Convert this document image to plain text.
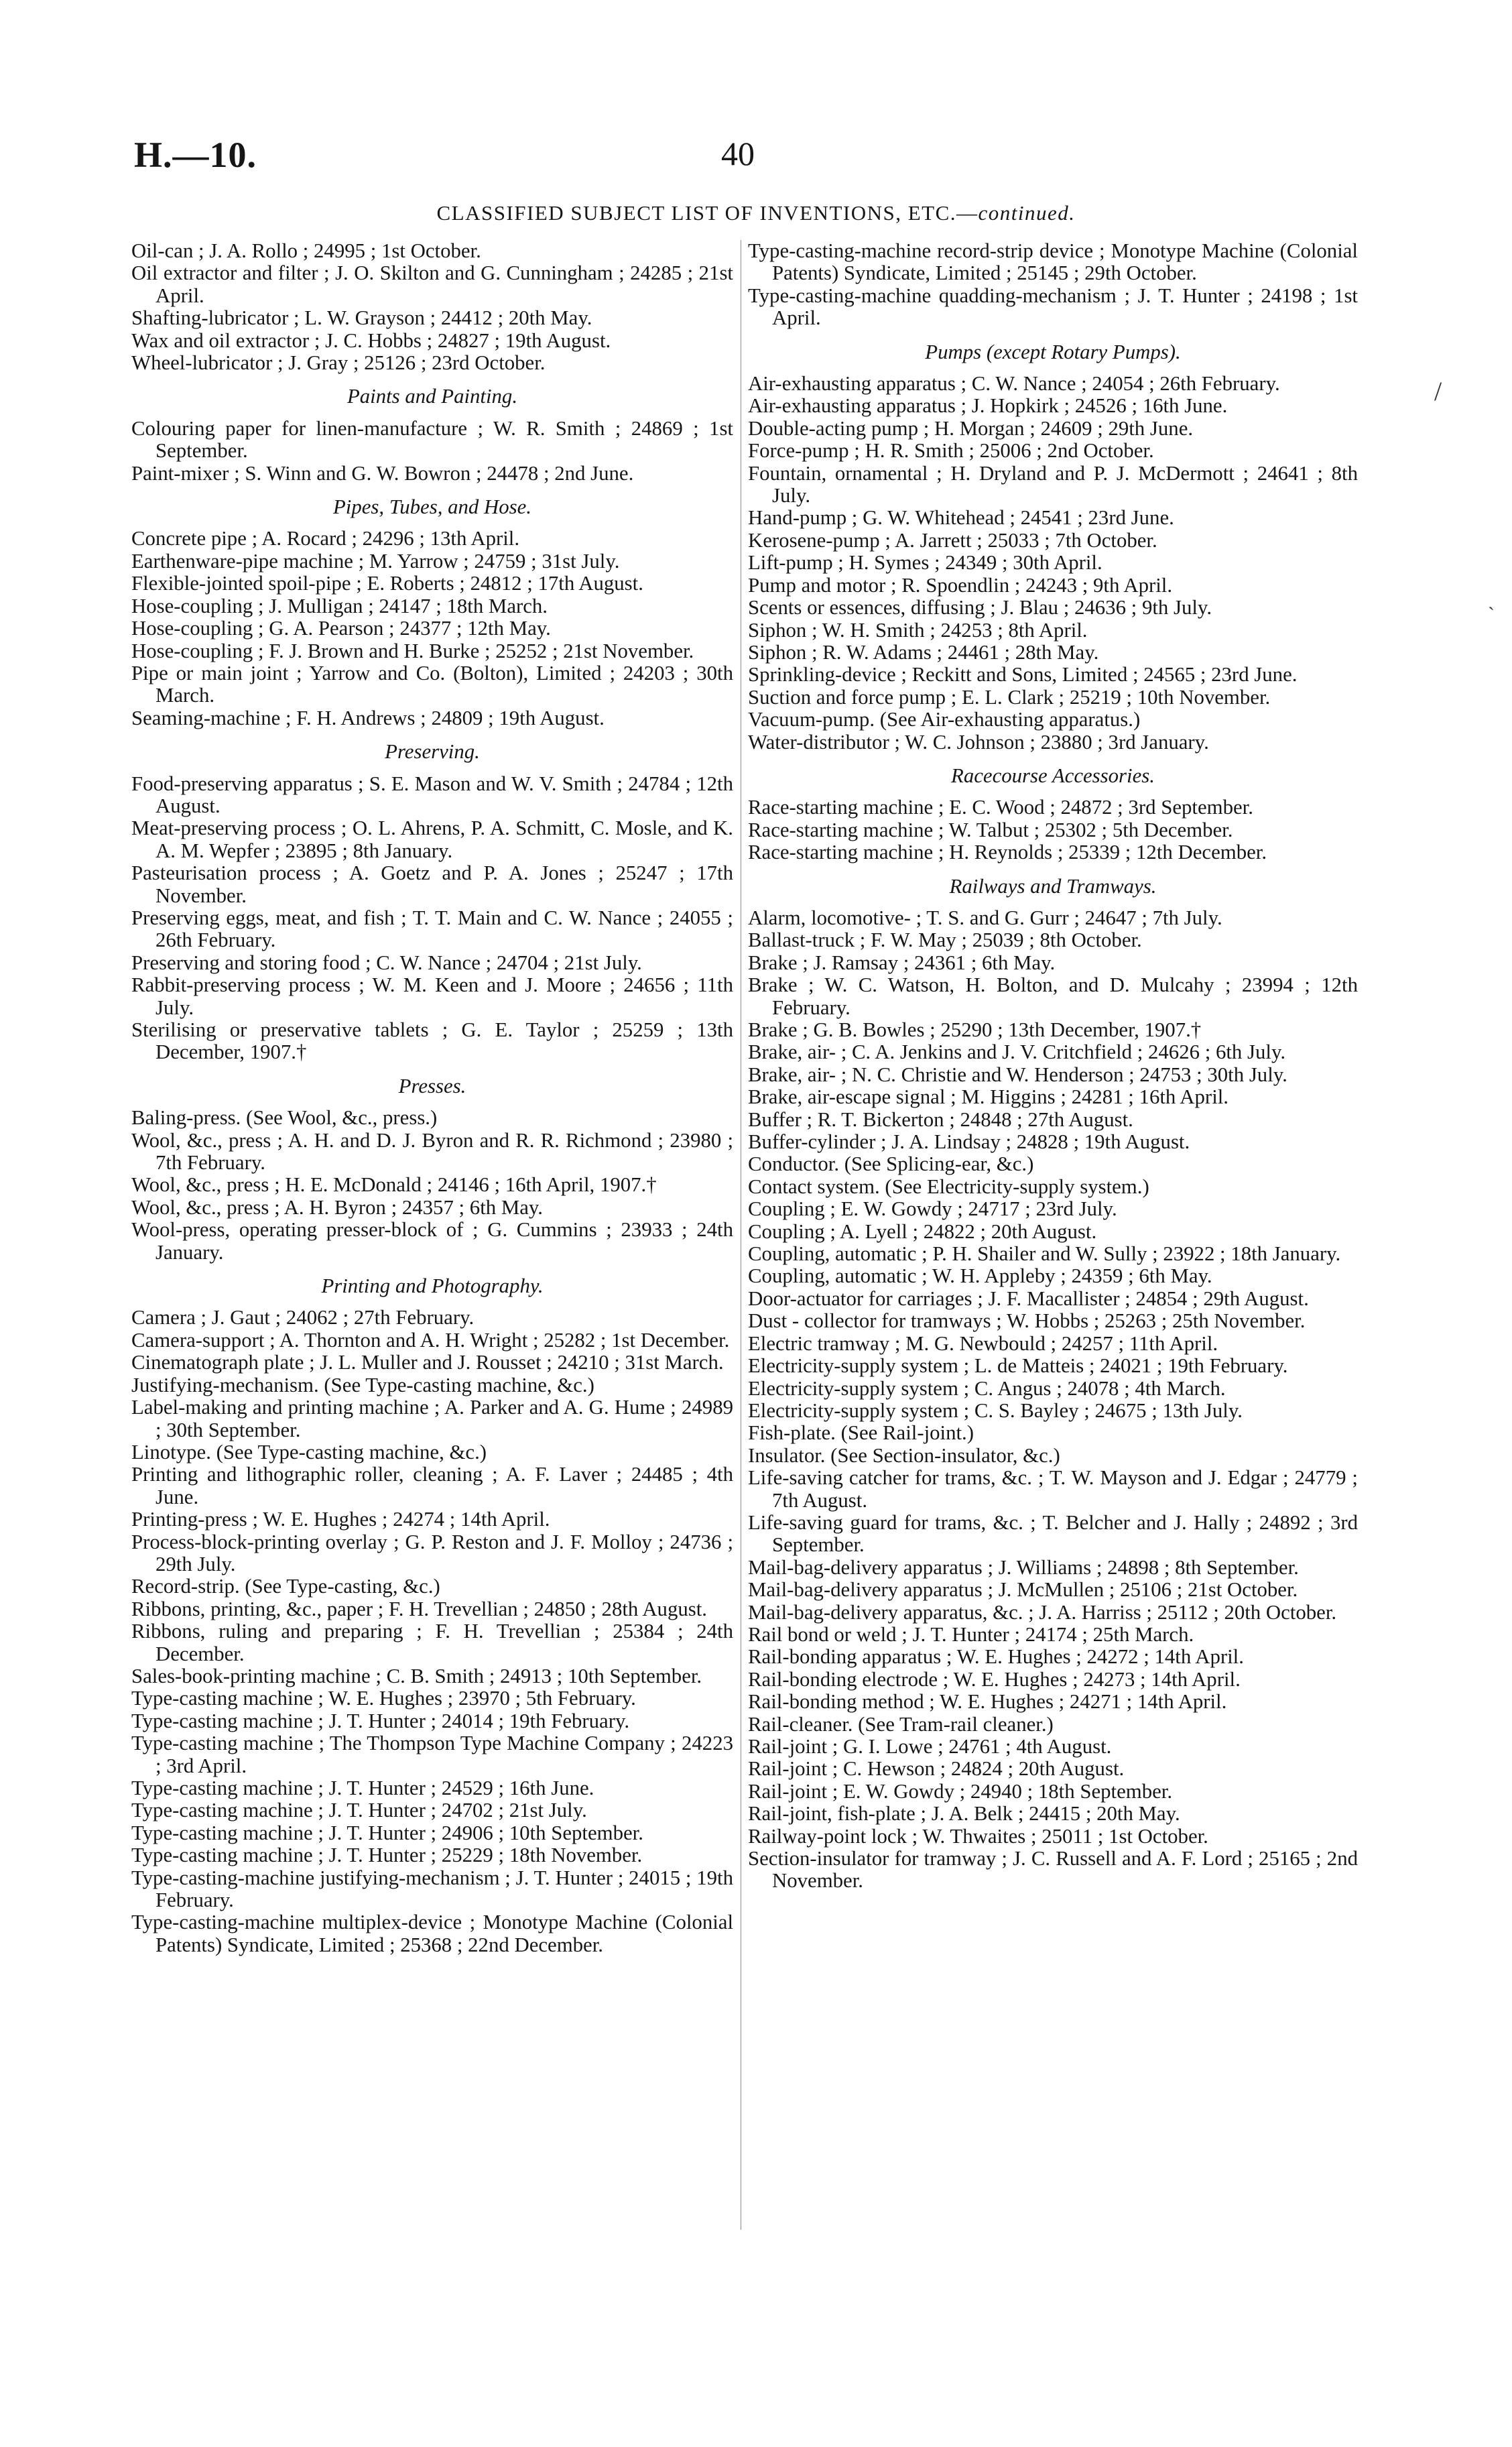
H.—10.	40
CLASSIFIED SUBJECT LIST OF INVENTIONS, ETC.—continued.

Oil-can ; J. A. Rollo ; 24995 ; 1st October.

Oil extractor and filter ; J. O. Skilton and G. Cunningham ; 24285 ; 21st April.

Shafting-lubricator ; L. W. Grayson ; 24412 ; 20th May.

Wax and oil extractor ; J. C. Hobbs ; 24827 ; 19th August.

Wheel-lubricator ; J. Gray ; 25126 ; 23rd October.

Paints and Painting.

Colouring paper for linen-manufacture ; W. R. Smith ; 24869 ; 1st September.

Paint-mixer ; S. Winn and G. W. Bowron ; 24478 ; 2nd June.

Pipes, Tubes, and Hose.

Concrete pipe ; A. Rocard ; 24296 ; 13th April.

Earthenware-pipe machine ; M. Yarrow ; 24759 ; 31st July.

Flexible-jointed spoil-pipe ; E. Roberts ; 24812 ; 17th August.

Hose-coupling ; J. Mulligan ; 24147 ; 18th March.

Hose-coupling ; G. A. Pearson ; 24377 ; 12th May.

Hose-coupling ; F. J. Brown and H. Burke ; 25252 ; 21st November.

Pipe or main joint ; Yarrow and Co. (Bolton), Limited ; 24203 ; 30th March.

Seaming-machine ; F. H. Andrews ; 24809 ; 19th August.

Preserving.

Food-preserving apparatus ; S. E. Mason and W. V. Smith ; 24784 ; 12th August.

Meat-preserving process ; O. L. Ahrens, P. A. Schmitt, C. Mosle, and K. A. M. Wepfer ; 23895 ; 8th January.

Pasteurisation process ; A. Goetz and P. A. Jones ; 25247 ; 17th November.

Preserving eggs, meat, and fish ; T. T. Main and C. W. Nance ; 24055 ; 26th February.

Preserving and storing food ; C. W. Nance ; 24704 ; 21st July.

Rabbit-preserving process ; W. M. Keen and J. Moore ; 24656 ; 11th July.

Sterilising or preservative tablets ; G. E. Taylor ; 25259 ; 13th December, 1907.†

Presses.

Baling-press. (See Wool, &c., press.)

Wool, &c., press ; A. H. and D. J. Byron and R. R. Richmond ; 23980 ; 7th February.

Wool, &c., press ; H. E. McDonald ; 24146 ; 16th April, 1907.†

Wool, &c., press ; A. H. Byron ; 24357 ; 6th May.

Wool-press, operating presser-block of ; G. Cummins ; 23933 ; 24th January.

Printing and Photography.

Camera ; J. Gaut ; 24062 ; 27th February.

Camera-support ; A. Thornton and A. H. Wright ; 25282 ; 1st December.

Cinematograph plate ; J. L. Muller and J. Rousset ; 24210 ; 31st March.

Justifying-mechanism. (See Type-casting machine, &c.)

Label-making and printing machine ; A. Parker and A. G. Hume ; 24989 ; 30th September.

Linotype. (See Type-casting machine, &c.)

Printing and lithographic roller, cleaning ; A. F. Laver ; 24485 ; 4th June.

Printing-press ; W. E. Hughes ; 24274 ; 14th April.

Process-block-printing overlay ; G. P. Reston and J. F. Molloy ; 24736 ; 29th July.

Record-strip. (See Type-casting, &c.)

Ribbons, printing, &c., paper ; F. H. Trevellian ; 24850 ; 28th August.

Ribbons, ruling and preparing ; F. H. Trevellian ; 25384 ; 24th December.

Sales-book-printing machine ; C. B. Smith ; 24913 ; 10th September.

Type-casting machine ; W. E. Hughes ; 23970 ; 5th February.

Type-casting machine ; J. T. Hunter ; 24014 ; 19th February.

Type-casting machine ; The Thompson Type Machine Company ; 24223 ; 3rd April.

Type-casting machine ; J. T. Hunter ; 24529 ; 16th June.

Type-casting machine ; J. T. Hunter ; 24702 ; 21st July.

Type-casting machine ; J. T. Hunter ; 24906 ; 10th September.

Type-casting machine ; J. T. Hunter ; 25229 ; 18th November.

Type-casting-machine justifying-mechanism ; J. T. Hunter ; 24015 ; 19th February.

Type-casting-machine multiplex-device ; Monotype Machine (Colonial Patents) Syndicate, Limited ; 25368 ; 22nd December.

Type-casting-machine record-strip device ; Monotype Machine (Colonial Patents) Syndicate, Limited ; 25145 ; 29th October.

Type-casting-machine quadding-mechanism ; J. T. Hunter ; 24198 ; 1st April.

Pumps (except Rotary Pumps).

Air-exhausting apparatus ; C. W. Nance ; 24054 ; 26th February.

Air-exhausting apparatus ; J. Hopkirk ; 24526 ; 16th June.

Double-acting pump ; H. Morgan ; 24609 ; 29th June.

Force-pump ; H. R. Smith ; 25006 ; 2nd October.

Fountain, ornamental ; H. Dryland and P. J. McDermott ; 24641 ; 8th July.

Hand-pump ; G. W. Whitehead ; 24541 ; 23rd June.

Kerosene-pump ; A. Jarrett ; 25033 ; 7th October.

Lift-pump ; H. Symes ; 24349 ; 30th April.

Pump and motor ; R. Spoendlin ; 24243 ; 9th April.

Scents or essences, diffusing ; J. Blau ; 24636 ; 9th July.

Siphon ; W. H. Smith ; 24253 ; 8th April.

Siphon ; R. W. Adams ; 24461 ; 28th May.

Sprinkling-device ; Reckitt and Sons, Limited ; 24565 ; 23rd June.

Suction and force pump ; E. L. Clark ; 25219 ; 10th November.

Vacuum-pump. (See Air-exhausting apparatus.)

Water-distributor ; W. C. Johnson ; 23880 ; 3rd January.

Racecourse Accessories.

Race-starting machine ; E. C. Wood ; 24872 ; 3rd September.

Race-starting machine ; W. Talbut ; 25302 ; 5th December.

Race-starting machine ; H. Reynolds ; 25339 ; 12th December.

Railways and Tramways.

Alarm, locomotive- ; T. S. and G. Gurr ; 24647 ; 7th July.

Ballast-truck ; F. W. May ; 25039 ; 8th October.

Brake ; J. Ramsay ; 24361 ; 6th May.

Brake ; W. C. Watson, H. Bolton, and D. Mulcahy ; 23994 ; 12th February.

Brake ; G. B. Bowles ; 25290 ; 13th December, 1907.†

Brake, air- ; C. A. Jenkins and J. V. Critchfield ; 24626 ; 6th July.

Brake, air- ; N. C. Christie and W. Henderson ; 24753 ; 30th July.

Brake, air-escape signal ; M. Higgins ; 24281 ; 16th April.

Buffer ; R. T. Bickerton ; 24848 ; 27th August.

Buffer-cylinder ; J. A. Lindsay ; 24828 ; 19th August.

Conductor. (See Splicing-ear, &c.)

Contact system. (See Electricity-supply system.)

Coupling ; E. W. Gowdy ; 24717 ; 23rd July.

Coupling ; A. Lyell ; 24822 ; 20th August.

Coupling, automatic ; P. H. Shailer and W. Sully ; 23922 ; 18th January.

Coupling, automatic ; W. H. Appleby ; 24359 ; 6th May.

Door-actuator for carriages ; J. F. Macallister ; 24854 ; 29th August.

Dust - collector for tramways ; W. Hobbs ; 25263 ; 25th November.

Electric tramway ; M. G. Newbould ; 24257 ; 11th April.

Electricity-supply system ; L. de Matteis ; 24021 ; 19th February.

Electricity-supply system ; C. Angus ; 24078 ; 4th March.

Electricity-supply system ; C. S. Bayley ; 24675 ; 13th July.

Fish-plate. (See Rail-joint.)

Insulator. (See Section-insulator, &c.)

Life-saving catcher for trams, &c. ; T. W. Mayson and J. Edgar ; 24779 ; 7th August.

Life-saving guard for trams, &c. ; T. Belcher and J. Hally ; 24892 ; 3rd September.

Mail-bag-delivery apparatus ; J. Williams ; 24898 ; 8th September.

Mail-bag-delivery apparatus ; J. McMullen ; 25106 ; 21st October.

Mail-bag-delivery apparatus, &c. ; J. A. Harriss ; 25112 ; 20th October.

Rail bond or weld ; J. T. Hunter ; 24174 ; 25th March.

Rail-bonding apparatus ; W. E. Hughes ; 24272 ; 14th April.

Rail-bonding electrode ; W. E. Hughes ; 24273 ; 14th April.

Rail-bonding method ; W. E. Hughes ; 24271 ; 14th April.

Rail-cleaner. (See Tram-rail cleaner.)

Rail-joint ; G. I. Lowe ; 24761 ; 4th August.

Rail-joint ; C. Hewson ; 24824 ; 20th August.

Rail-joint ; E. W. Gowdy ; 24940 ; 18th September.

Rail-joint, fish-plate ; J. A. Belk ; 24415 ; 20th May.

Railway-point lock ; W. Thwaites ; 25011 ; 1st October.

Section-insulator for tramway ; J. C. Russell and A. F. Lord ; 25165 ; 2nd November.

/
`
